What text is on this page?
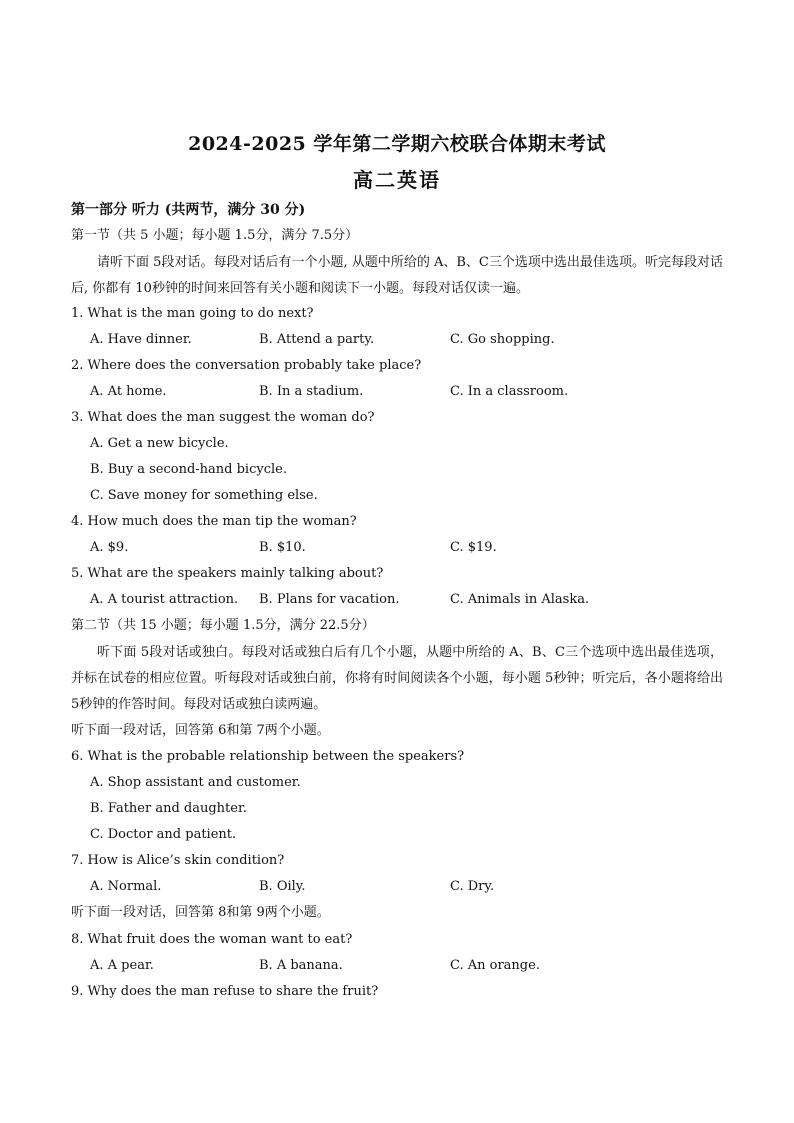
2024-2025 学年第二学期六校联合体期末考试
高二英语
第一部分 听力 (共两节，满分 30 分)
第一节（共 5 小题；每小题 1.5分，满分 7.5分）
请听下面 5段对话。每段对话后有一个小题, 从题中所给的 A、B、C三个选项中选出最佳选项。听完每段对话后, 你都有 10秒钟的时间来回答有关小题和阅读下一小题。每段对话仅读一遍。
1. What is the man going to do next?
A. Have dinner.	B. Attend a party.	C. Go shopping.
2. Where does the conversation probably take place?
A. At home.	B. In a stadium.	C. In a classroom.
3. What does the man suggest the woman do?
A. Get a new bicycle.
B. Buy a second-hand bicycle.
C. Save money for something else.
4. How much does the man tip the woman?
A. $9.	B. $10.	C. $19.
5. What are the speakers mainly talking about?
A. A tourist attraction. B. Plans for vacation.	C. Animals in Alaska.
第二节（共 15 小题；每小题 1.5分，满分 22.5分）
听下面 5段对话或独白。每段对话或独白后有几个小题，从题中所给的 A、B、C三个选项中选出最佳选项，并标在试卷的相应位置。听每段对话或独白前，你将有时间阅读各个小题，每小题 5秒钟；听完后，各小题将给出 5秒钟的作答时间。每段对话或独白读两遍。
听下面一段对话，回答第 6和第 7两个小题。
6. What is the probable relationship between the speakers?
A. Shop assistant and customer.
B. Father and daughter.
C. Doctor and patient.
7. How is Alice’s skin condition?
A. Normal.	B. Oily.	C. Dry.
听下面一段对话，回答第 8和第 9两个小题。
8. What fruit does the woman want to eat?
A. A pear.	B. A banana.	C. An orange.
9. Why does the man refuse to share the fruit?
